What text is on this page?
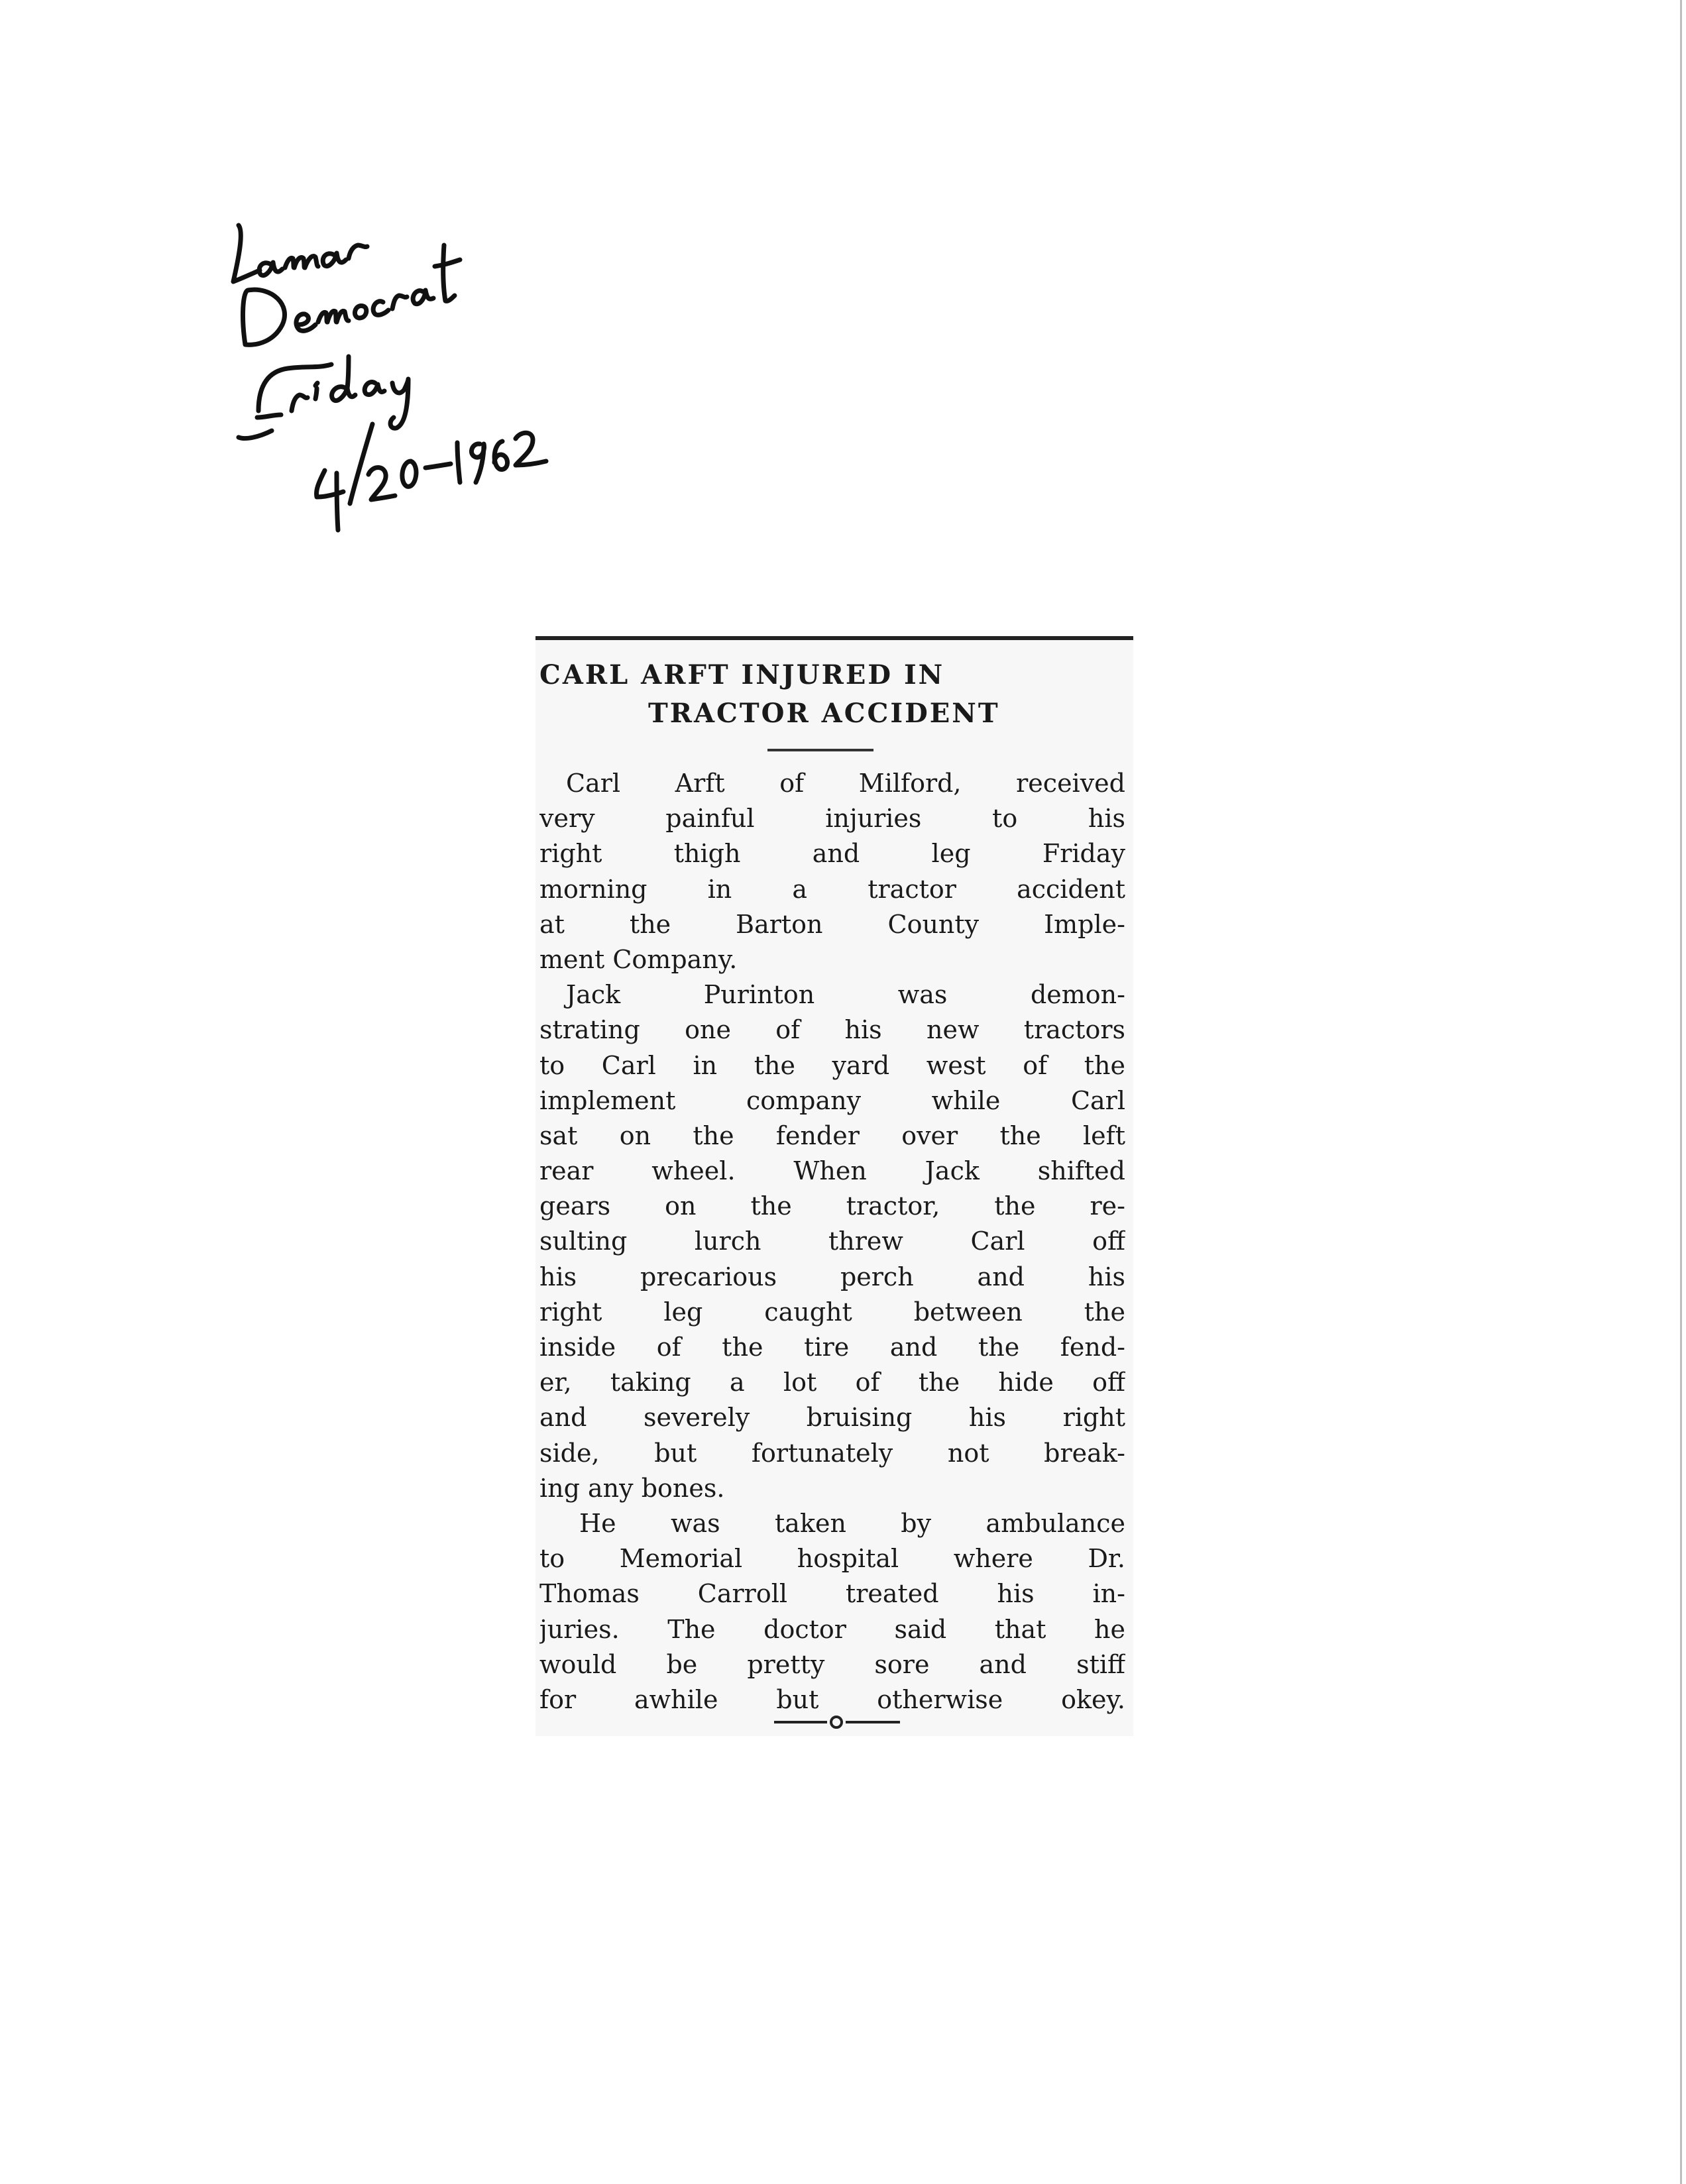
CARL ARFT INJURED IN
TRACTOR ACCIDENT
Carl Arft of Milford, received
very painful injuries to his
right thigh and leg Friday
morning in a tractor accident
at the Barton County Imple-
ment Company.
Jack Purinton was demon-
strating one of his new tractors
to Carl in the yard west of the
implement company while Carl
sat on the fender over the left
rear wheel. When Jack shifted
gears on the tractor, the re-
sulting lurch threw Carl off
his precarious perch and his
right leg caught between the
inside of the tire and the fend-
er, taking a lot of the hide off
and severely bruising his right
side, but fortunately not break-
ing any bones.
He was taken by ambulance
to Memorial hospital where Dr.
Thomas Carroll treated his in-
juries. The doctor said that he
would be pretty sore and stiff
for awhile but otherwise okey.
